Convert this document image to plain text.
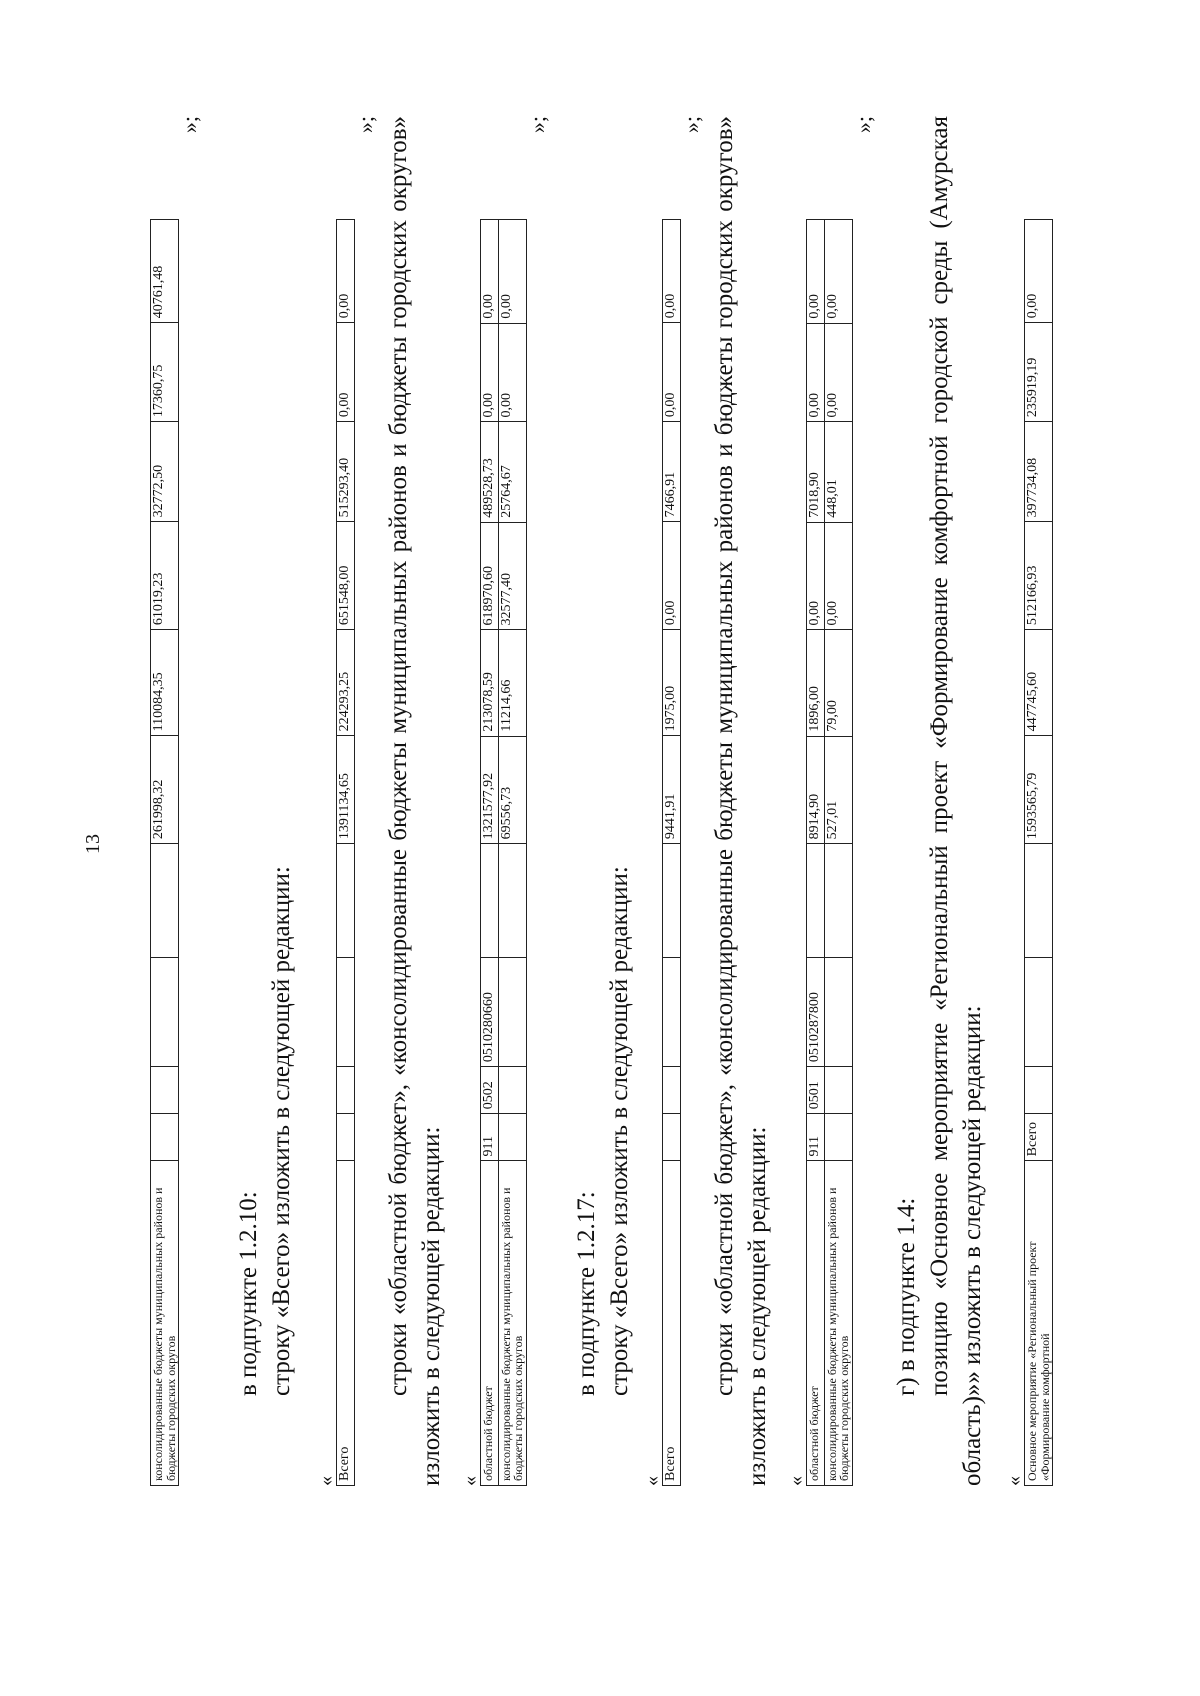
13
консолидированные бюджеты муниципальных районов и бюджеты городских округов					261998,32	110084,35	61019,23	32772,50	17360,75	40761,48
»;

в подпункте 1.2.10: строку «Всего» изложить в следующей редакции:

« Всего					1391134,65	224293,25	651548,00	515293,40	0,00	0,00
»; строки «областной бюджет», «консолидированные бюджеты муниципальных районов и бюджеты городских округов» изложить в следующей редакции: « областной бюджет	911	0502	0510280660		1321577,92	213078,59	618970,60	489528,73	0,00	0,00
консолидированные бюджеты муниципальных районов и бюджеты городских округов					69556,73	11214,66	32577,40	25764,67	0,00	0,00
»;

в подпункте 1.2.17: строку «Всего» изложить в следующей редакции:

« Всего					9441,91	1975,00	0,00	7466,91	0,00	0,00
»; строки «областной бюджет», «консолидированные бюджеты муниципальных районов и бюджеты городских округов» изложить в следующей редакции: « областной бюджет	911	0501	0510287800		8914,90	1896,00	0,00	7018,90	0,00	0,00
консолидированные бюджеты муниципальных районов и бюджеты городских округов					527,01	79,00	0,00	448,01	0,00	0,00
»;

г) в подпункте 1.4: позицию «Основное мероприятие «Региональный проект «Формирование комфортной городской среды (Амурская область)»» изложить в следующей редакции: « Основное мероприятие «Региональный проект «Формирование комфортной	Всего				1593565,79	447745,60	512166,93	397734,08	235919,19	0,00
